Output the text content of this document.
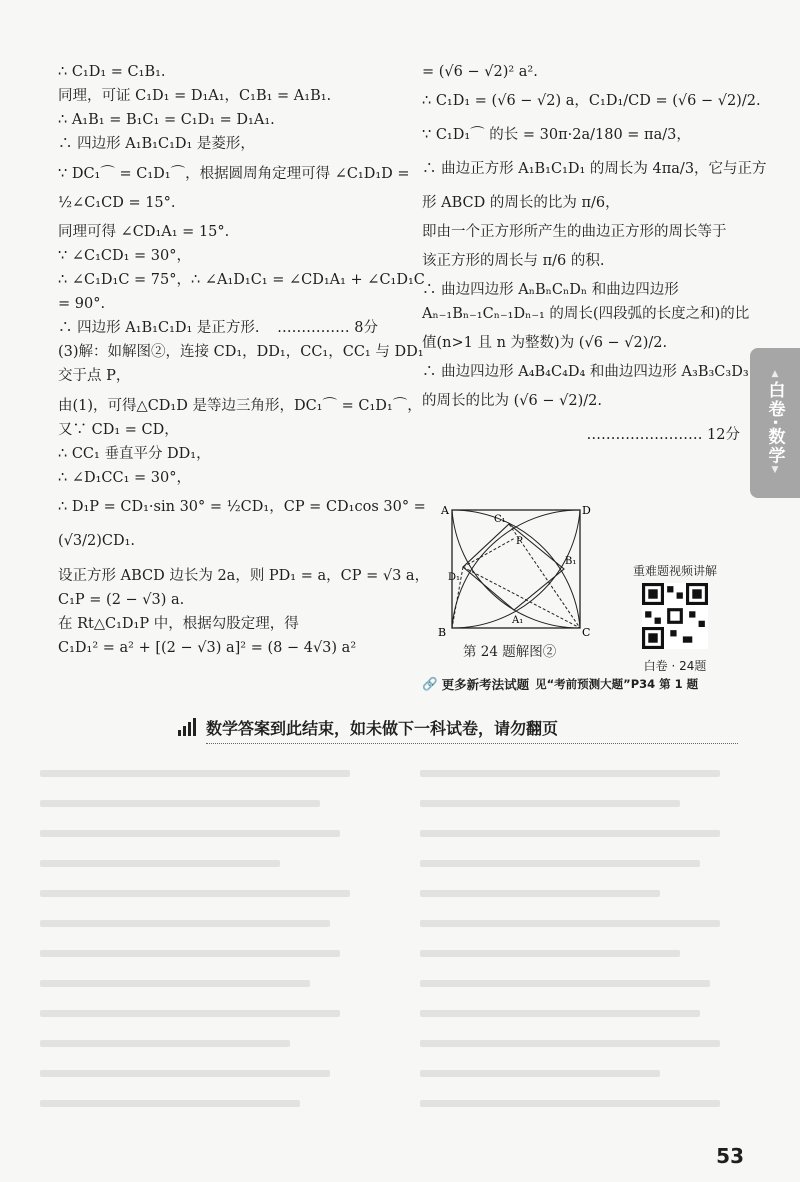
∴ C₁D₁ = C₁B₁.
同理，可证 C₁D₁ = D₁A₁，C₁B₁ = A₁B₁.
∴ A₁B₁ = B₁C₁ = C₁D₁ = D₁A₁.
∴ 四边形 A₁B₁C₁D₁ 是菱形，
∵ DC₁⌒ = C₁D₁⌒，根据圆周角定理可得 ∠C₁D₁D =
½∠C₁CD = 15°.
同理可得 ∠CD₁A₁ = 15°.
∵ ∠C₁CD₁ = 30°，
∴ ∠C₁D₁C = 75°，∴ ∠A₁D₁C₁ = ∠CD₁A₁ + ∠C₁D₁C
= 90°.
∴ 四边形 A₁B₁C₁D₁ 是正方形. …………… 8分
(3)解：如解图②，连接 CD₁，DD₁，CC₁，CC₁ 与 DD₁
交于点 P，
由(1)，可得△CD₁D 是等边三角形，DC₁⌒ = C₁D₁⌒，
又∵ CD₁ = CD，
∴ CC₁ 垂直平分 DD₁，
∴ ∠D₁CC₁ = 30°，
∴ D₁P = CD₁·sin 30° = ½CD₁，CP = CD₁cos 30° =
(√3/2)CD₁.
设正方形 ABCD 边长为 2a，则 PD₁ = a，CP = √3 a，
C₁P = (2 − √3) a.
在 Rt△C₁D₁P 中，根据勾股定理，得
C₁D₁² = a² + [(2 − √3) a]² = (8 − 4√3) a²
= (√6 − √2)² a².
∴ C₁D₁ = (√6 − √2) a，C₁D₁/CD = (√6 − √2)/2.
∵ C₁D₁⌒ 的长 = 30π·2a/180 = πa/3，
∴ 曲边正方形 A₁B₁C₁D₁ 的周长为 4πa/3，它与正方
形 ABCD 的周长的比为 π/6，
即由一个正方形所产生的曲边正方形的周长等于
该正方形的周长与 π/6 的积.
∴ 曲边四边形 AₙBₙCₙDₙ 和曲边四边形
Aₙ₋₁Bₙ₋₁Cₙ₋₁Dₙ₋₁ 的周长(四段弧的长度之和)的比
值(n>1 且 n 为整数)为 (√6 − √2)/2.
∴ 曲边四边形 A₄B₄C₄D₄ 和曲边四边形 A₃B₃C₃D₃
的周长的比为 (√6 − √2)/2.
…………………… 12分
▲
白卷·数学
▼
A
B	C
D
C₁
P
B₁
D₁
A₁
第 24 题解图②
重难题视频讲解
白卷 · 24题
🔗 更多新考法试题 见“考前预测大题”P34 第 1 题
数学答案到此结束，如未做下一科试卷，请勿翻页
53
